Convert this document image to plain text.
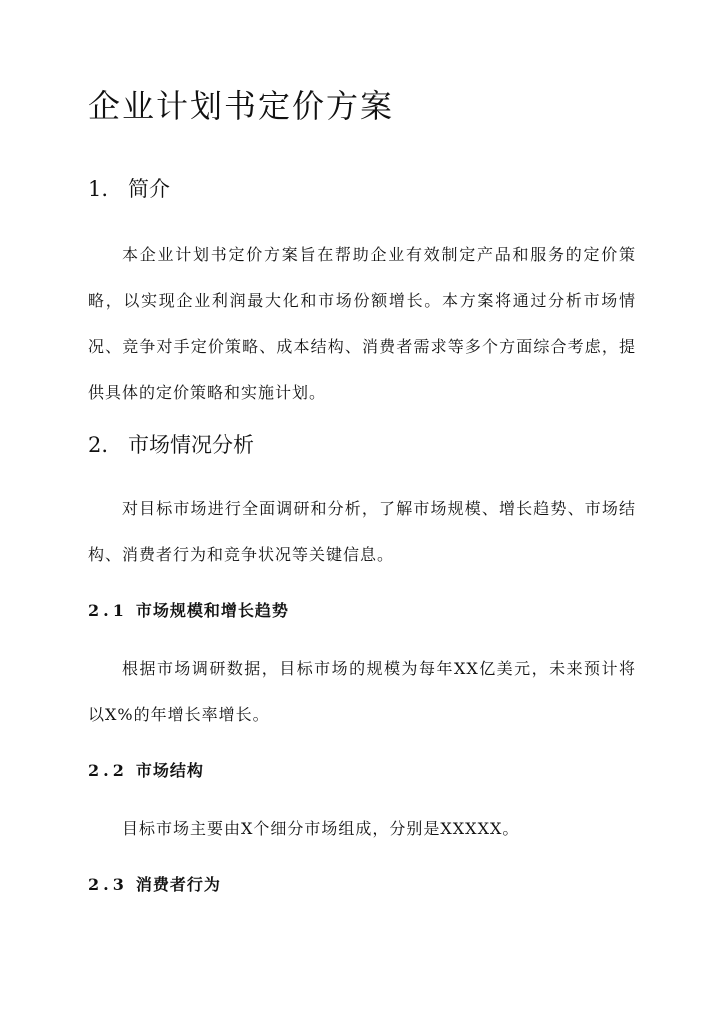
企业计划书定价方案
1. 简介

本企业计划书定价方案旨在帮助企业有效制定产品和服务的定价策略，以实现企业利润最大化和市场份额增长。本方案将通过分析市场情况、竞争对手定价策略、成本结构、消费者需求等多个方面综合考虑，提供具体的定价策略和实施计划。

2. 市场情况分析

对目标市场进行全面调研和分析，了解市场规模、增长趋势、市场结构、消费者行为和竞争状况等关键信息。

2.1 市场规模和增长趋势

根据市场调研数据，目标市场的规模为每年XX亿美元，未来预计将以X%的年增长率增长。

2.2 市场结构

目标市场主要由X个细分市场组成，分别是XXXXX。

2.3 消费者行为
